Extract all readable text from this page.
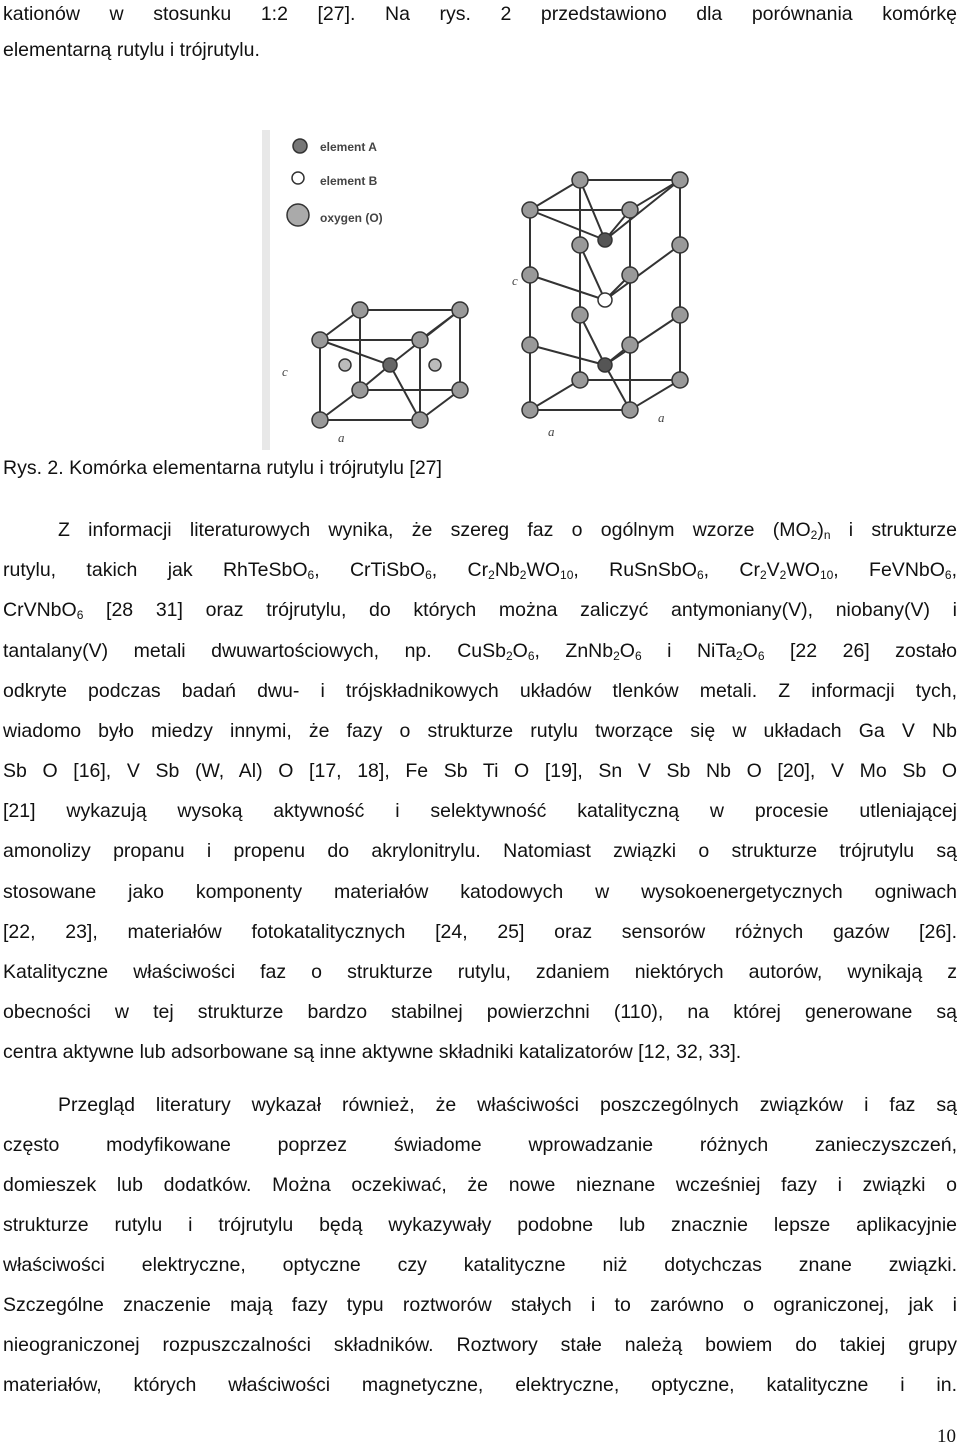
kationów w stosunku 1:2 [27]. Na rys. 2 przedstawiono dla porównania komórkę
elementarną rutylu i trójrutylu.
element A
element B
oxygen (O)
c
a
c
a
a
Rys. 2. Komórka elementarna rutylu i trójrutylu [27]
Z informacji literaturowych wynika, że szereg faz o ogólnym wzorze $(MO_2)_n$ i strukturze
rutylu, takich jak RhTeSbO$_6$, CrTiSbO$_6$, $Cr_2Nb_2WO_{10}$, RuSnSbO$_6$, $Cr_2V_2WO_{10}$, FeVNbO$_6$,
CrVNbO$_6$ [28 31] oraz trójrutylu, do których można zaliczyć antymoniany(V), niobany(V) i
tantalany(V) metali dwuwartościowych, np. $CuSb_2O_6$, $ZnNb_2O_6$ i $NiTa_2O_6$ [22 26] zostało
odkryte podczas badań dwu- i trójskładnikowych układów tlenków metali. Z informacji tych,
wiadomo było miedzy innymi, że fazy o strukturze rutylu tworzące się w układach Ga V Nb
Sb O [16], V Sb (W, Al) O [17, 18], Fe Sb Ti O [19], Sn V Sb Nb O [20], V Mo Sb O
[21] wykazują wysoką aktywność i selektywność katalityczną w procesie utleniającej
amonolizy propanu i propenu do akrylonitrylu. Natomiast związki o strukturze trójrutylu są
stosowane jako komponenty materiałów katodowych w wysokoenergetycznych ogniwach
[22, 23], materiałów fotokatalitycznych [24, 25] oraz sensorów różnych gazów [26].
Katalityczne właściwości faz o strukturze rutylu, zdaniem niektórych autorów, wynikają z
obecności w tej strukturze bardzo stabilnej powierzchni (110), na której generowane są
centra aktywne lub adsorbowane są inne aktywne składniki katalizatorów [12, 32, 33].
Przegląd literatury wykazał również, że właściwości poszczególnych związków i faz są
często modyfikowane poprzez świadome wprowadzanie różnych zanieczyszczeń,
domieszek lub dodatków. Można oczekiwać, że nowe nieznane wcześniej fazy i związki o
strukturze rutylu i trójrutylu będą wykazywały podobne lub znacznie lepsze aplikacyjnie
właściwości elektryczne, optyczne czy katalityczne niż dotychczas znane związki.
Szczególne znaczenie mają fazy typu roztworów stałych i to zarówno o ograniczonej, jak i
nieograniczonej rozpuszczalności składników. Roztwory stałe należą bowiem do takiej grupy
materiałów, których właściwości magnetyczne, elektryczne, optyczne, katalityczne i in.
10
